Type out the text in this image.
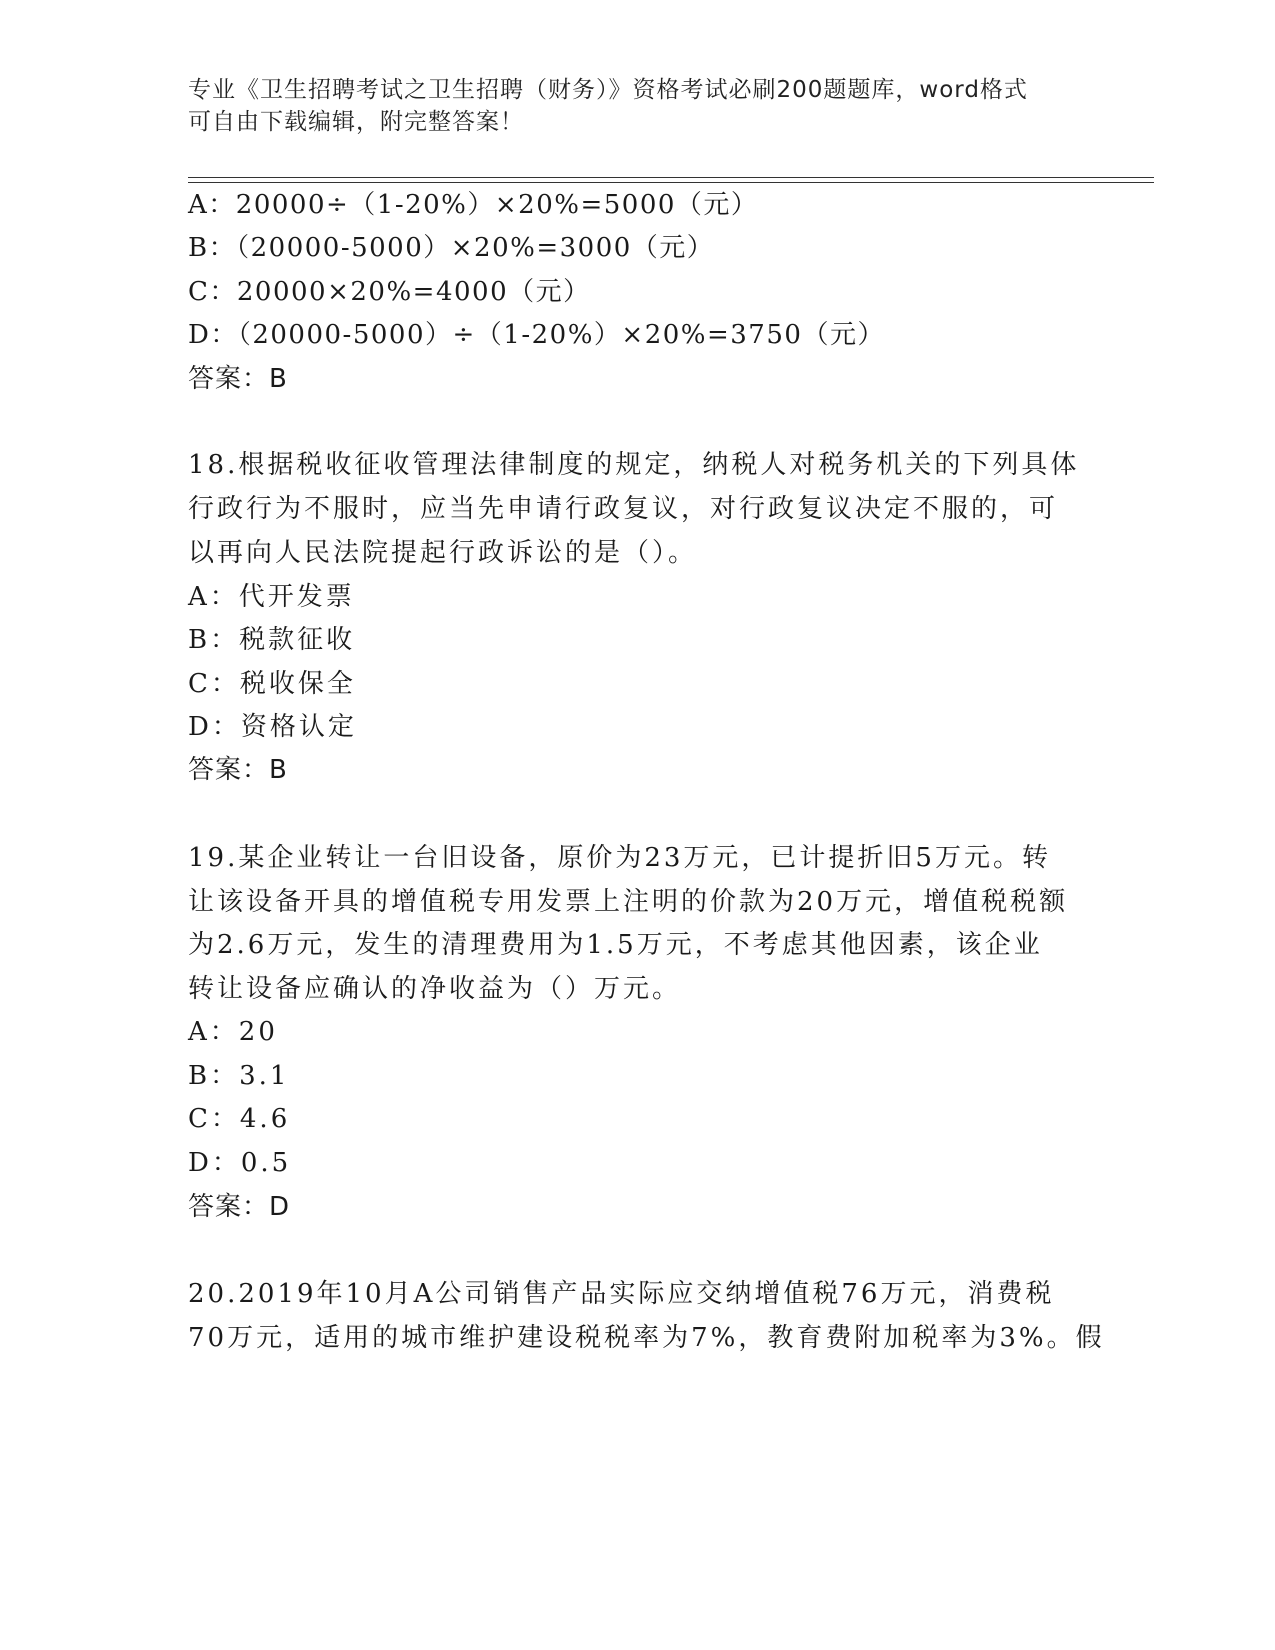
专业《卫生招聘考试之卫生招聘（财务）》资格考试必刷200题题库，word格式
可自由下载编辑，附完整答案！
A：20000÷（1-20%）×20%=5000（元）
B：（20000-5000）×20%=3000（元）
C：20000×20%=4000（元）
D：（20000-5000）÷（1-20%）×20%=3750（元）
答案：B
18.根据税收征收管理法律制度的规定，纳税人对税务机关的下列具体
行政行为不服时，应当先申请行政复议，对行政复议决定不服的，可
以再向人民法院提起行政诉讼的是（）。
A：代开发票
B：税款征收
C：税收保全
D：资格认定
答案：B
19.某企业转让一台旧设备，原价为23万元，已计提折旧5万元。转
让该设备开具的增值税专用发票上注明的价款为20万元，增值税税额
为2.6万元，发生的清理费用为1.5万元，不考虑其他因素，该企业
转让设备应确认的净收益为（）万元。
A：20
B：3.1
C：4.6
D：0.5
答案：D
20.2019年10月A公司销售产品实际应交纳增值税76万元，消费税
70万元，适用的城市维护建设税税率为7%，教育费附加税率为3%。假
